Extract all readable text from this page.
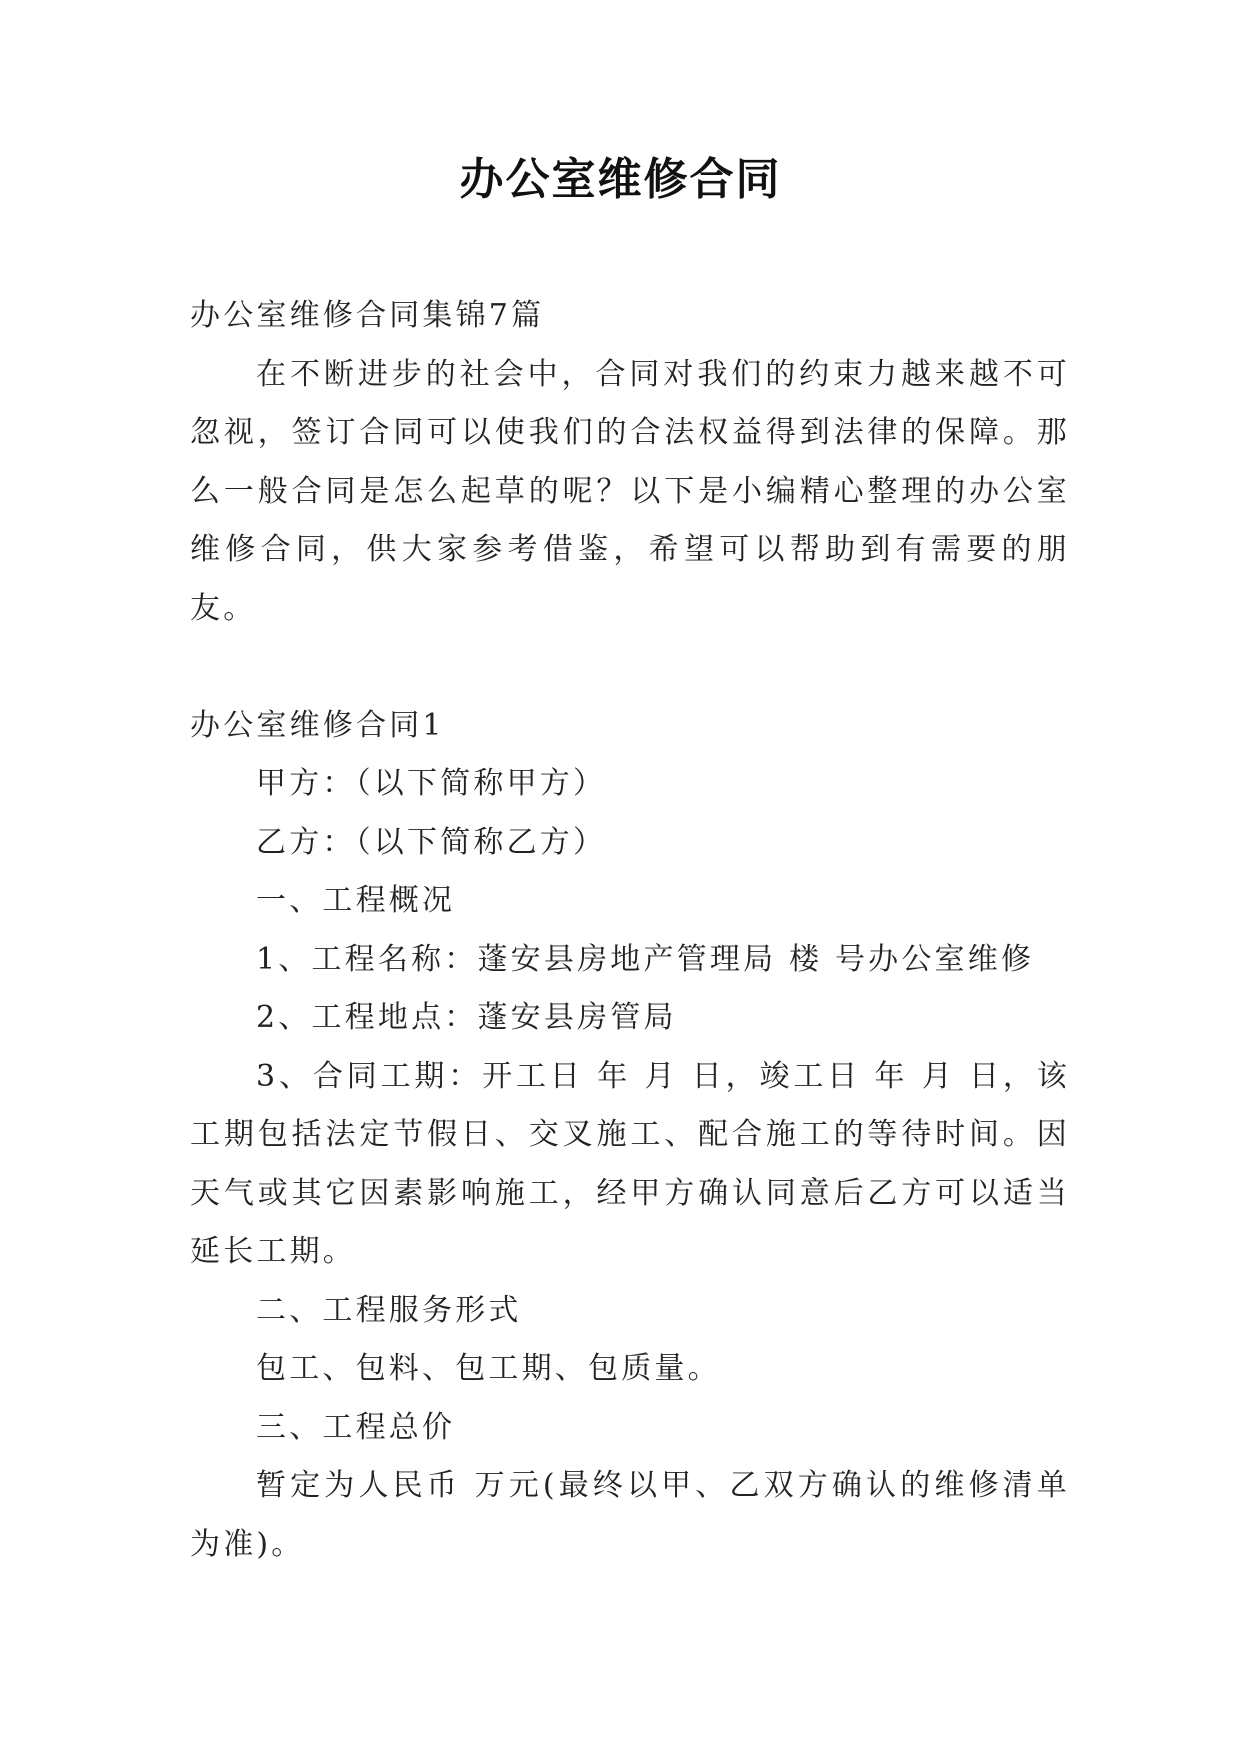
办公室维修合同

办公室维修合同集锦7篇

在不断进步的社会中，合同对我们的约束力越来越不可忽视，签订合同可以使我们的合法权益得到法律的保障。那么一般合同是怎么起草的呢？以下是小编精心整理的办公室维修合同，供大家参考借鉴，希望可以帮助到有需要的朋友。

办公室维修合同1

甲方：（以下简称甲方）

乙方：（以下简称乙方）

一、工程概况

1、工程名称：蓬安县房地产管理局 楼 号办公室维修

2、工程地点：蓬安县房管局

3、合同工期：开工日 年 月 日，竣工日 年 月 日，该工期包括法定节假日、交叉施工、配合施工的等待时间。因天气或其它因素影响施工，经甲方确认同意后乙方可以适当延长工期。

二、工程服务形式

包工、包料、包工期、包质量。

三、工程总价

暂定为人民币 万元(最终以甲、乙双方确认的维修清单为准)。
